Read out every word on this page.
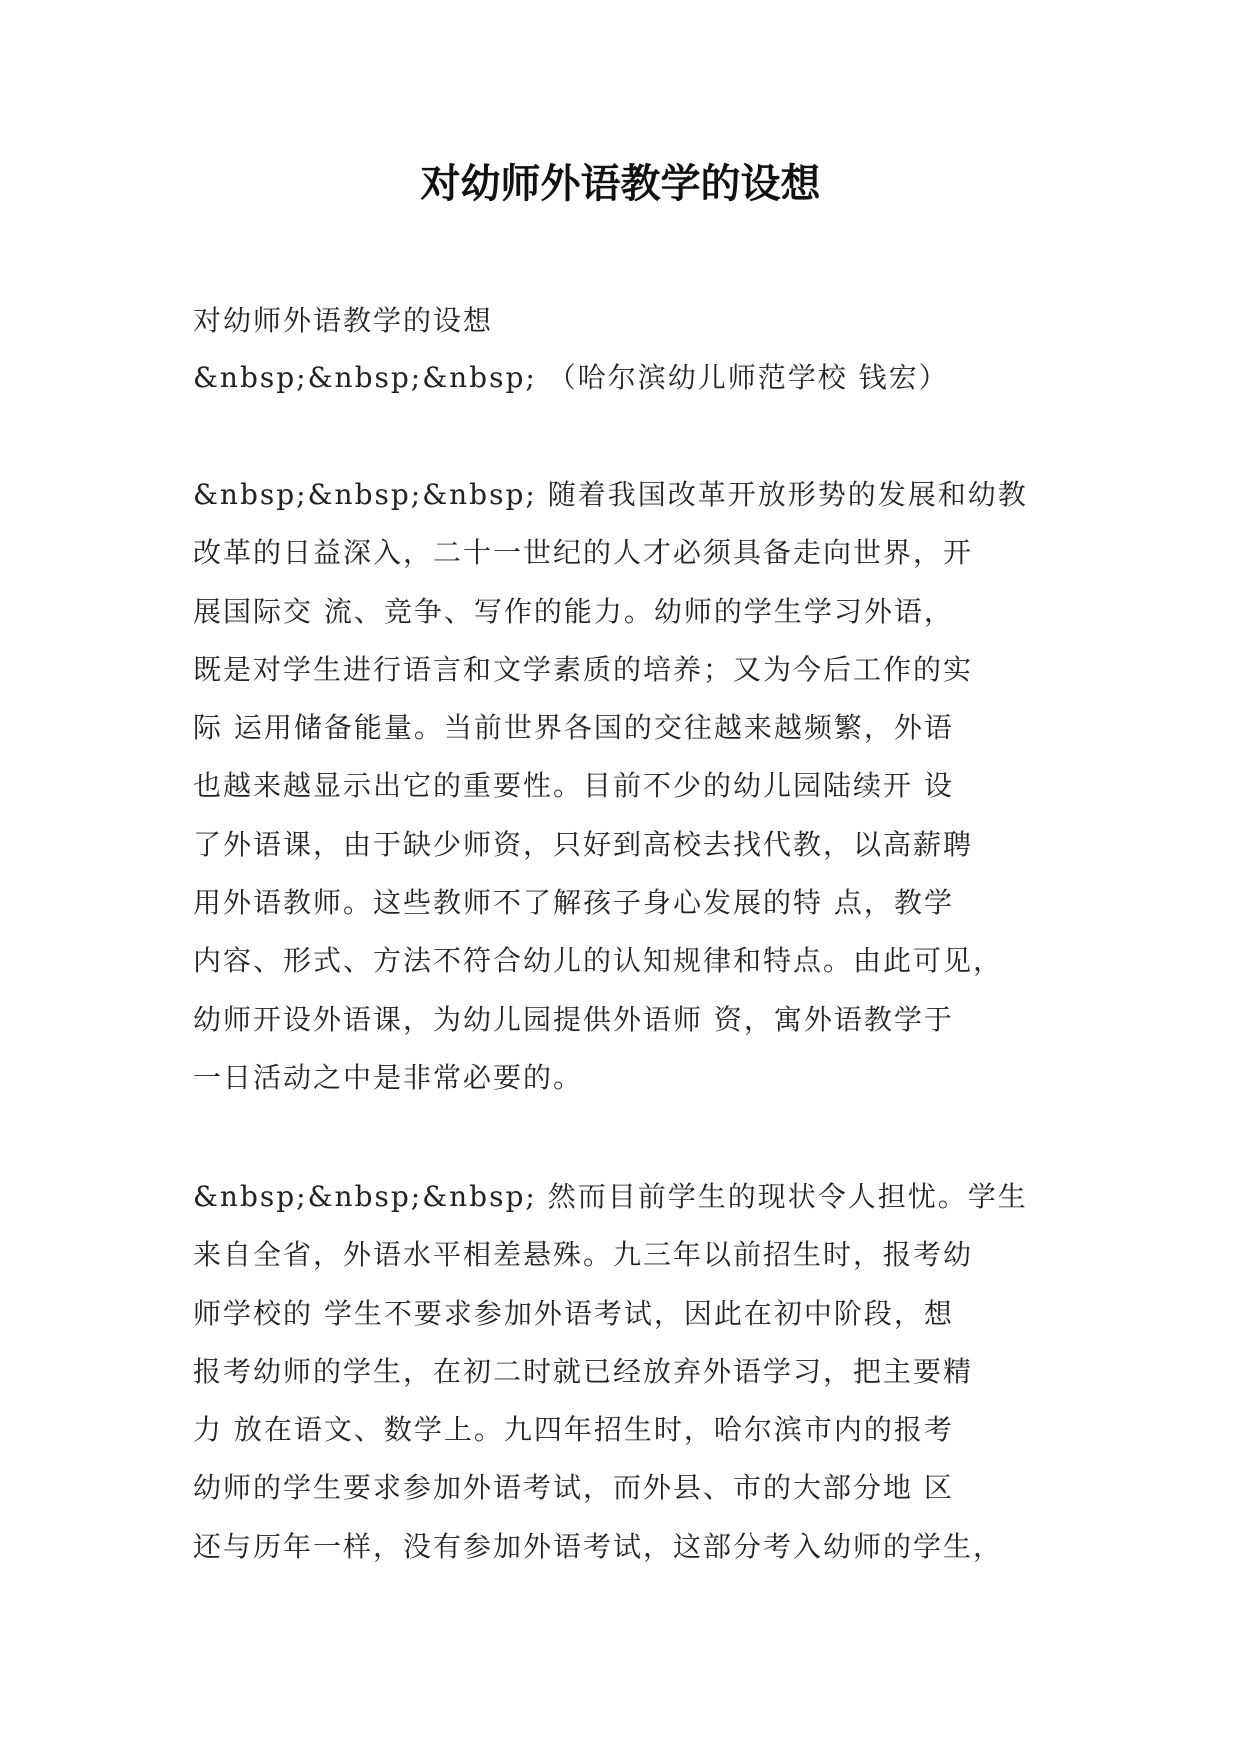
对幼师外语教学的设想
对幼师外语教学的设想
&nbsp;&nbsp;&nbsp; （哈尔滨幼儿师范学校 钱宏）
&nbsp;&nbsp;&nbsp; 随着我国改革开放形势的发展和幼教
改革的日益深入，二十一世纪的人才必须具备走向世界，开
展国际交 流、竞争、写作的能力。幼师的学生学习外语，
既是对学生进行语言和文学素质的培养；又为今后工作的实
际 运用储备能量。当前世界各国的交往越来越频繁，外语
也越来越显示出它的重要性。目前不少的幼儿园陆续开 设
了外语课，由于缺少师资，只好到高校去找代教，以高薪聘
用外语教师。这些教师不了解孩子身心发展的特 点，教学
内容、形式、方法不符合幼儿的认知规律和特点。由此可见，
幼师开设外语课，为幼儿园提供外语师 资，寓外语教学于
一日活动之中是非常必要的。
&nbsp;&nbsp;&nbsp; 然而目前学生的现状令人担忧。学生
来自全省，外语水平相差悬殊。九三年以前招生时，报考幼
师学校的 学生不要求参加外语考试，因此在初中阶段，想
报考幼师的学生，在初二时就已经放弃外语学习，把主要精
力 放在语文、数学上。九四年招生时，哈尔滨市内的报考
幼师的学生要求参加外语考试，而外县、市的大部分地 区
还与历年一样，没有参加外语考试，这部分考入幼师的学生，
